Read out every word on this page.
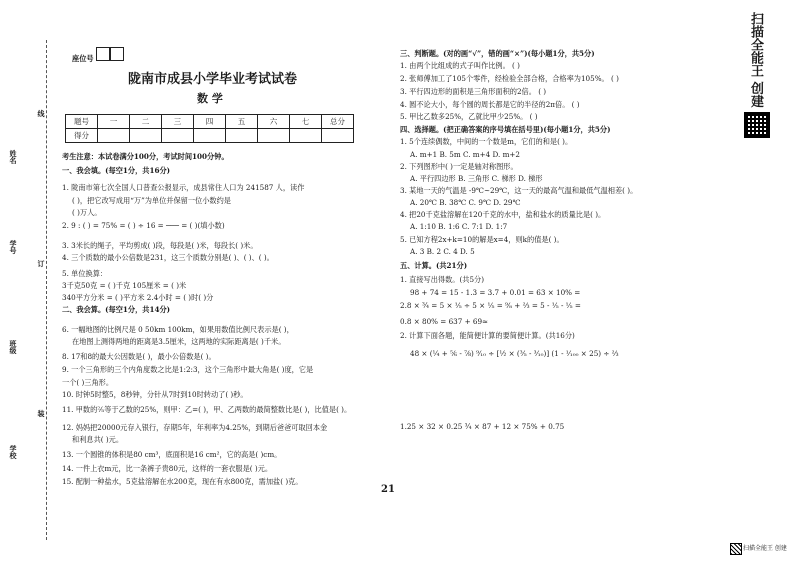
姓名
学号
班级
学校
线
订
装
座位号
陇南市成县小学毕业考试试卷
数 学
题号	一	二	三	四	五	六	七	总分
得分								
考生注意：本试卷满分100分，考试时间100分钟。
一、我会填。(每空1分，共16分)
1. 陇南市第七次全国人口普查公报显示，成县常住人口为 241587 人，读作
( )，把它改写成用“万”为单位并保留一位小数约是
( )万人。
2. 9 : ( ) = 75% = ( ) ÷ 16 = ─── = ( )(填小数)
3. 3米长的绳子，平均剪成( )段，每段是( )米，每段长( )米。
4. 三个质数的最小公倍数是231，这三个质数分别是( )、( )、( )。
5. 单位换算：
3千克50克 = ( )千克 105厘米 = ( )米
340平方分米 = ( )平方米 2.4小时 = ( )时( )分
二、我会算。(每空1分，共14分)
6. 一幅地图的比例尺是 0 50km 100km，如果用数值比例尺表示是( )，
在地图上测得两地的距离是3.5厘米，这两地的实际距离是( )千米。
8. 17和8的最大公因数是( )，最小公倍数是( )。
9. 一个三角形的三个内角度数之比是1:2:3，这个三角形中最大角是( )度，它是
一个( )三角形。
10. 时钟5时整5，8秒钟，分针从7时到10时转动了( )秒。
11. 甲数的⅖等于乙数的25%，则甲：乙=( )，甲、乙两数的最简整数比是( )，比值是( )。
12. 妈妈把20000元存入银行，存期5年，年利率为4.25%，到期后爸爸可取回本金
和利息共( )元。
13. 一个圆锥的体积是80 cm³，底面积是16 cm²，它的高是( )cm。
14. 一件上衣m元，比一条裤子贵80元，这样的一套衣服是( )元。
15. 配制一种盐水，5克盐溶解在水200克，现在有水800克，需加盐( )克。
21
三、判断题。(对的画“√”，错的画“×”)(每小题1分，共5分)
1. 由两个比组成的式子叫作比例。 ( )
2. 张师傅加工了105个零件，经检验全部合格，合格率为105%。 ( )
3. 平行四边形的面积是三角形面积的2倍。 ( )
4. 圆不论大小，每个圆的周长都是它的半径的2π倍。 ( )
5. 甲比乙数多25%，乙就比甲少25%。 ( )
四、选择题。(把正确答案的序号填在括号里)(每小题1分，共5分)
1. 5个连续偶数，中间的一个数是m，它们的和是( )。
A. m+1 B. 5m C. m+4 D. m+2
2. 下列图形中( )一定是轴对称图形。
A. 平行四边形 B. 三角形 C. 梯形 D. 梯形
3. 某地一天的气温是 -9℃~29℃，这一天的最高气温和最低气温相差( )。
A. 20℃ B. 38℃ C. 9℃ D. 29℃
4. 把20千克盐溶解在120千克的水中，盐和盐水的质量比是( )。
A. 1:10 B. 1:6 C. 7:1 D. 1:7
5. 已知方程2x+k=10的解是x=4，则k的值是( )。
A. 3 B. 2 C. 4 D. 5
五、计算。(共21分)
1. 直接写出得数。(共5分)
98 + 74 = 15 - 1.3 = 3.7 + 0.01 = 63 × 10% =
2.8 × ¾ = 5 × ⅕ ÷ 5 × ⅕ = ⁹⁄₈ + ⅔ = 5 - ⅕ - ⅕ =
0.8 × 80% = 637 + 69≈
2. 计算下面各题，能简便计算的要简便计算。(共16分)
48 × (¼ + ⅚ - ⅞) ⁹⁄₁₀ ÷ [½ × (⅗ - ³⁄₁₀)] (1 - ¹⁄₁₀₀ × 25) ÷ ⅔
1.25 × 32 × 0.25 ¾ × 87 + 12 × 75% + 0.75
扫描全能王 创建
扫描全能王 创建
